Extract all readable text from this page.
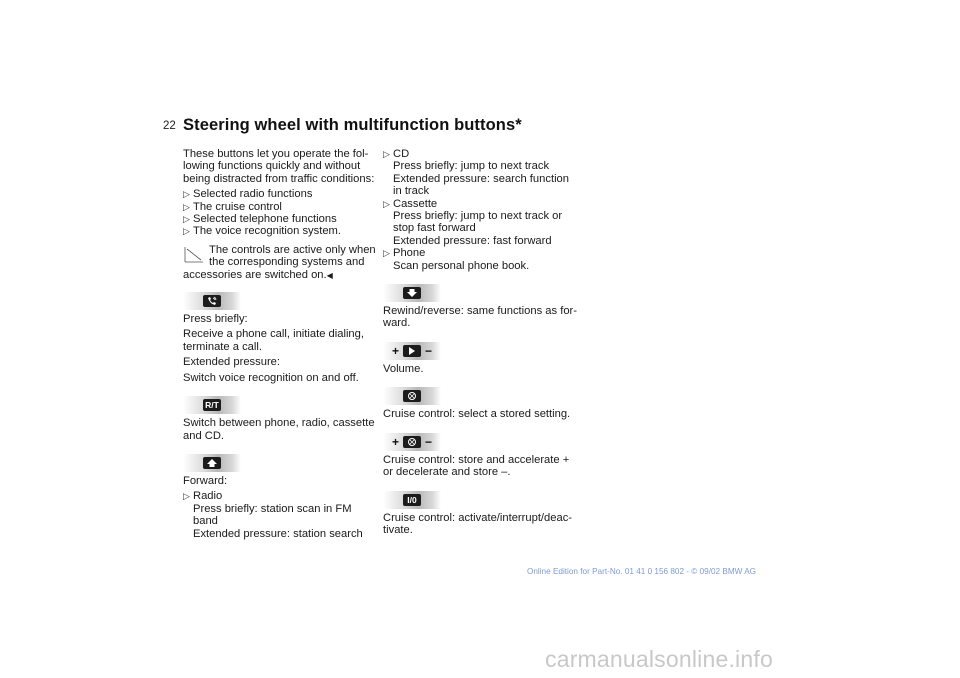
22 Steering wheel with multifunction buttons*

These buttons let you operate the fol-
lowing functions quickly and without
being distracted from traffic conditions:

▷ Selected radio functions
▷ The cruise control
▷ Selected telephone functions
▷ The voice recognition system.
The controls are active only when
the corresponding systems and
accessories are switched on.◀
Press briefly:
Receive a phone call, initiate dialing,
terminate a call.
Extended pressure:
Switch voice recognition on and off.
R/T
Switch between phone, radio, cassette
and CD.
Forward:
▷ Radio
Press briefly: station scan in FM band
Extended pressure: station search
▷ CD
Press briefly: jump to next track
Extended pressure: search function
in track
▷ Cassette
Press briefly: jump to next track or
stop fast forward
Extended pressure: fast forward
▷ Phone
Scan personal phone book.
Rewind/reverse: same functions as for-
ward.
+ −
Volume.
Cruise control: select a stored setting.
+ −
Cruise control: store and accelerate +
or decelerate and store –.
I/0
Cruise control: activate/interrupt/deac-
tivate.
Online Edition for Part-No. 01 41 0 156 802 - © 09/02 BMW AG
carmanualsonline.info
